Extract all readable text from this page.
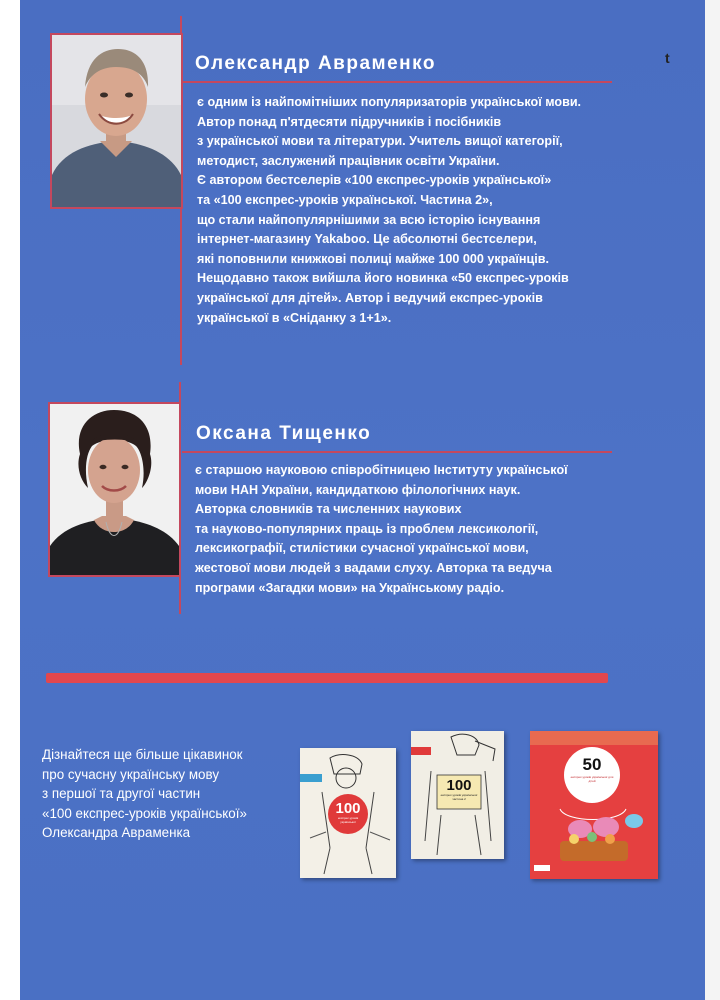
Олександр Авраменко	t
є одним із найпомітніших популяризаторів української мови.
Автор понад п'ятдесяти підручників і посібників
з української мови та літератури. Учитель вищої категорії,
методист, заслужений працівник освіти України.
Є автором бестселерів «100 експрес-уроків української»
та «100 експрес-уроків української. Частина 2»,
що стали найпопулярнішими за всю історію існування
інтернет-магазину Yakaboo. Це абсолютні бестселери,
які поповнили книжкові полиці майже 100 000 українців.
Нещодавно також вийшла його новинка «50 експрес-уроків
української для дітей». Автор і ведучий експрес-уроків
української в «Сніданку з 1+1».
Оксана Тищенко
є старшою науковою співробітницею Інституту української
мови НАН України, кандидаткою філологічних наук.
Авторка словників та численних наукових
та науково-популярних праць із проблем лексикології,
лексикографії, стилістики сучасної української мови,
жестової мови людей з вадами слуху. Авторка та ведуча
програми «Загадки мови» на Українському радіо.
Дізнайтеся ще більше цікавинок
про сучасну українську мову
з першої та другої частин
«100 експрес-уроків української»
Олександра Авраменка
100
експрес-уроків української
100
експрес-уроків української частина 2
50
експрес-уроків української для дітей
